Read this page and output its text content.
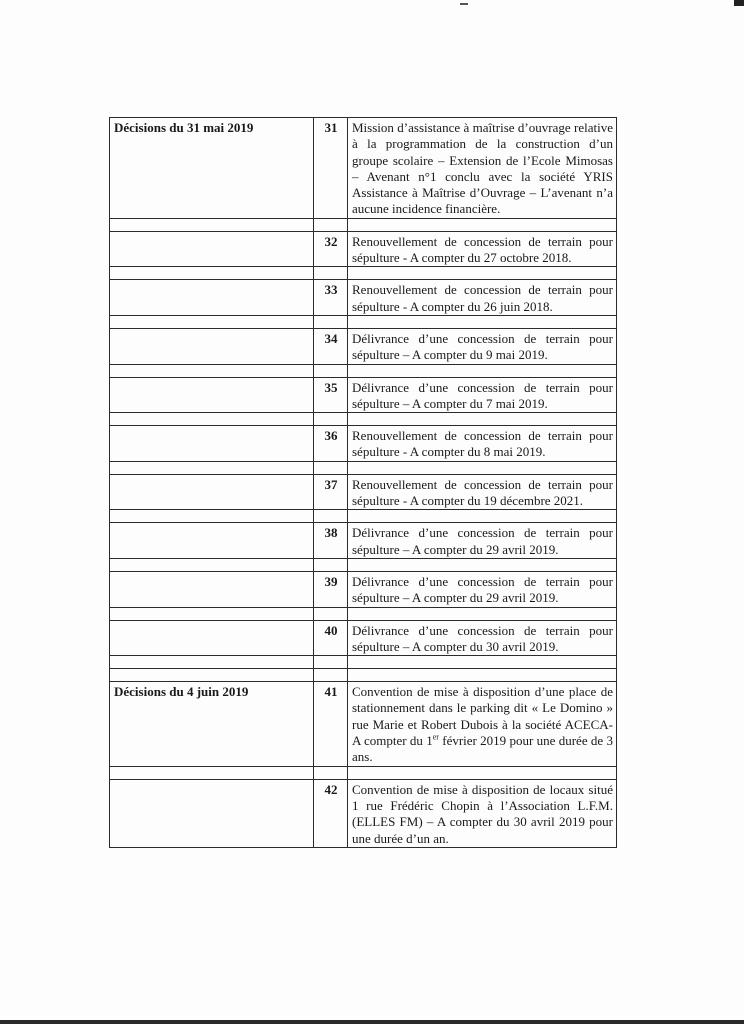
Décisions du 31 mai 2019	31	Mission d’assistance à maîtrise d’ouvrage relative à la programmation de la construction d’un groupe scolaire – Extension de l’Ecole Mimosas – Avenant n°1 conclu avec la société YRIS Assistance à Maîtrise d’Ouvrage – L’avenant n’a aucune incidence financière.

	32	Renouvellement de concession de terrain pour sépulture - A compter du 27 octobre 2018.

	33	Renouvellement de concession de terrain pour sépulture - A compter du 26 juin 2018.

	34	Délivrance d’une concession de terrain pour sépulture – A compter du 9 mai 2019.

	35	Délivrance d’une concession de terrain pour sépulture – A compter du 7 mai 2019.

	36	Renouvellement de concession de terrain pour sépulture - A compter du 8 mai 2019.

	37	Renouvellement de concession de terrain pour sépulture - A compter du 19 décembre 2021.

	38	Délivrance d’une concession de terrain pour sépulture – A compter du 29 avril 2019.

	39	Délivrance d’une concession de terrain pour sépulture – A compter du 29 avril 2019.

	40	Délivrance d’une concession de terrain pour sépulture – A compter du 30 avril 2019.

Décisions du 4 juin 2019	41	Convention de mise à disposition d’une place de stationnement dans le parking dit « Le Domino » rue Marie et Robert Dubois à la société ACECA- A compter du 1er février 2019 pour une durée de 3 ans.

	42	Convention de mise à disposition de locaux situé 1 rue Frédéric Chopin à l’Association L.F.M. (ELLES FM) – A compter du 30 avril 2019 pour une durée d’un an.
